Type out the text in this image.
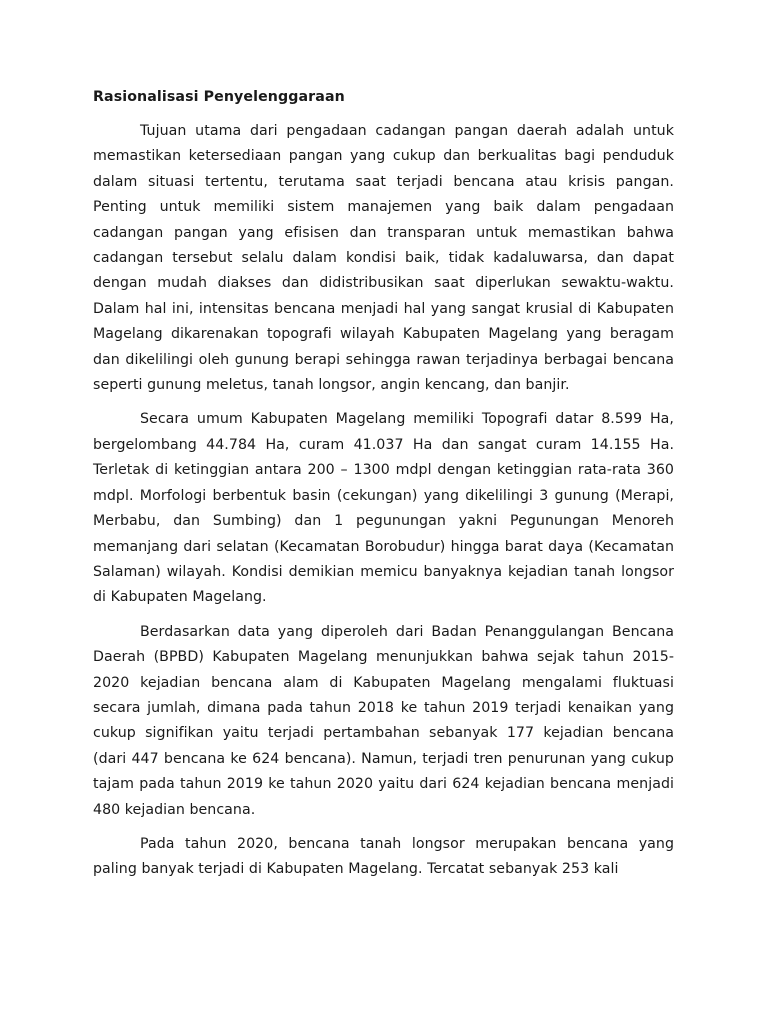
Rasionalisasi Penyelenggaraan

Tujuan utama dari pengadaan cadangan pangan daerah adalah untuk memastikan ketersediaan pangan yang cukup dan berkualitas bagi penduduk dalam situasi tertentu, terutama saat terjadi bencana atau krisis pangan. Penting untuk memiliki sistem manajemen yang baik dalam pengadaan cadangan pangan yang efisisen dan transparan untuk memastikan bahwa cadangan tersebut selalu dalam kondisi baik, tidak kadaluwarsa, dan dapat dengan mudah diakses dan didistribusikan saat diperlukan sewaktu-waktu. Dalam hal ini, intensitas bencana menjadi hal yang sangat krusial di Kabupaten Magelang dikarenakan topografi wilayah Kabupaten Magelang yang beragam dan dikelilingi oleh gunung berapi sehingga rawan terjadinya berbagai bencana seperti gunung meletus, tanah longsor, angin kencang, dan banjir.

Secara umum Kabupaten Magelang memiliki Topografi datar 8.599 Ha, bergelombang 44.784 Ha, curam 41.037 Ha dan sangat curam 14.155 Ha. Terletak di ketinggian antara 200 – 1300 mdpl dengan ketinggian rata-rata 360 mdpl. Morfologi berbentuk basin (cekungan) yang dikelilingi 3 gunung (Merapi, Merbabu, dan Sumbing) dan 1 pegunungan yakni Pegunungan Menoreh memanjang dari selatan (Kecamatan Borobudur) hingga barat daya (Kecamatan Salaman) wilayah. Kondisi demikian memicu banyaknya kejadian tanah longsor di Kabupaten Magelang.

Berdasarkan data yang diperoleh dari Badan Penanggulangan Bencana Daerah (BPBD) Kabupaten Magelang menunjukkan bahwa sejak tahun 2015-2020 kejadian bencana alam di Kabupaten Magelang mengalami fluktuasi secara jumlah, dimana pada tahun 2018 ke tahun 2019 terjadi kenaikan yang cukup signifikan yaitu terjadi pertambahan sebanyak 177 kejadian bencana (dari 447 bencana ke 624 bencana). Namun, terjadi tren penurunan yang cukup tajam pada tahun 2019 ke tahun 2020 yaitu dari 624 kejadian bencana menjadi 480 kejadian bencana.

Pada tahun 2020, bencana tanah longsor merupakan bencana yang paling banyak terjadi di Kabupaten Magelang. Tercatat sebanyak 253 kali
